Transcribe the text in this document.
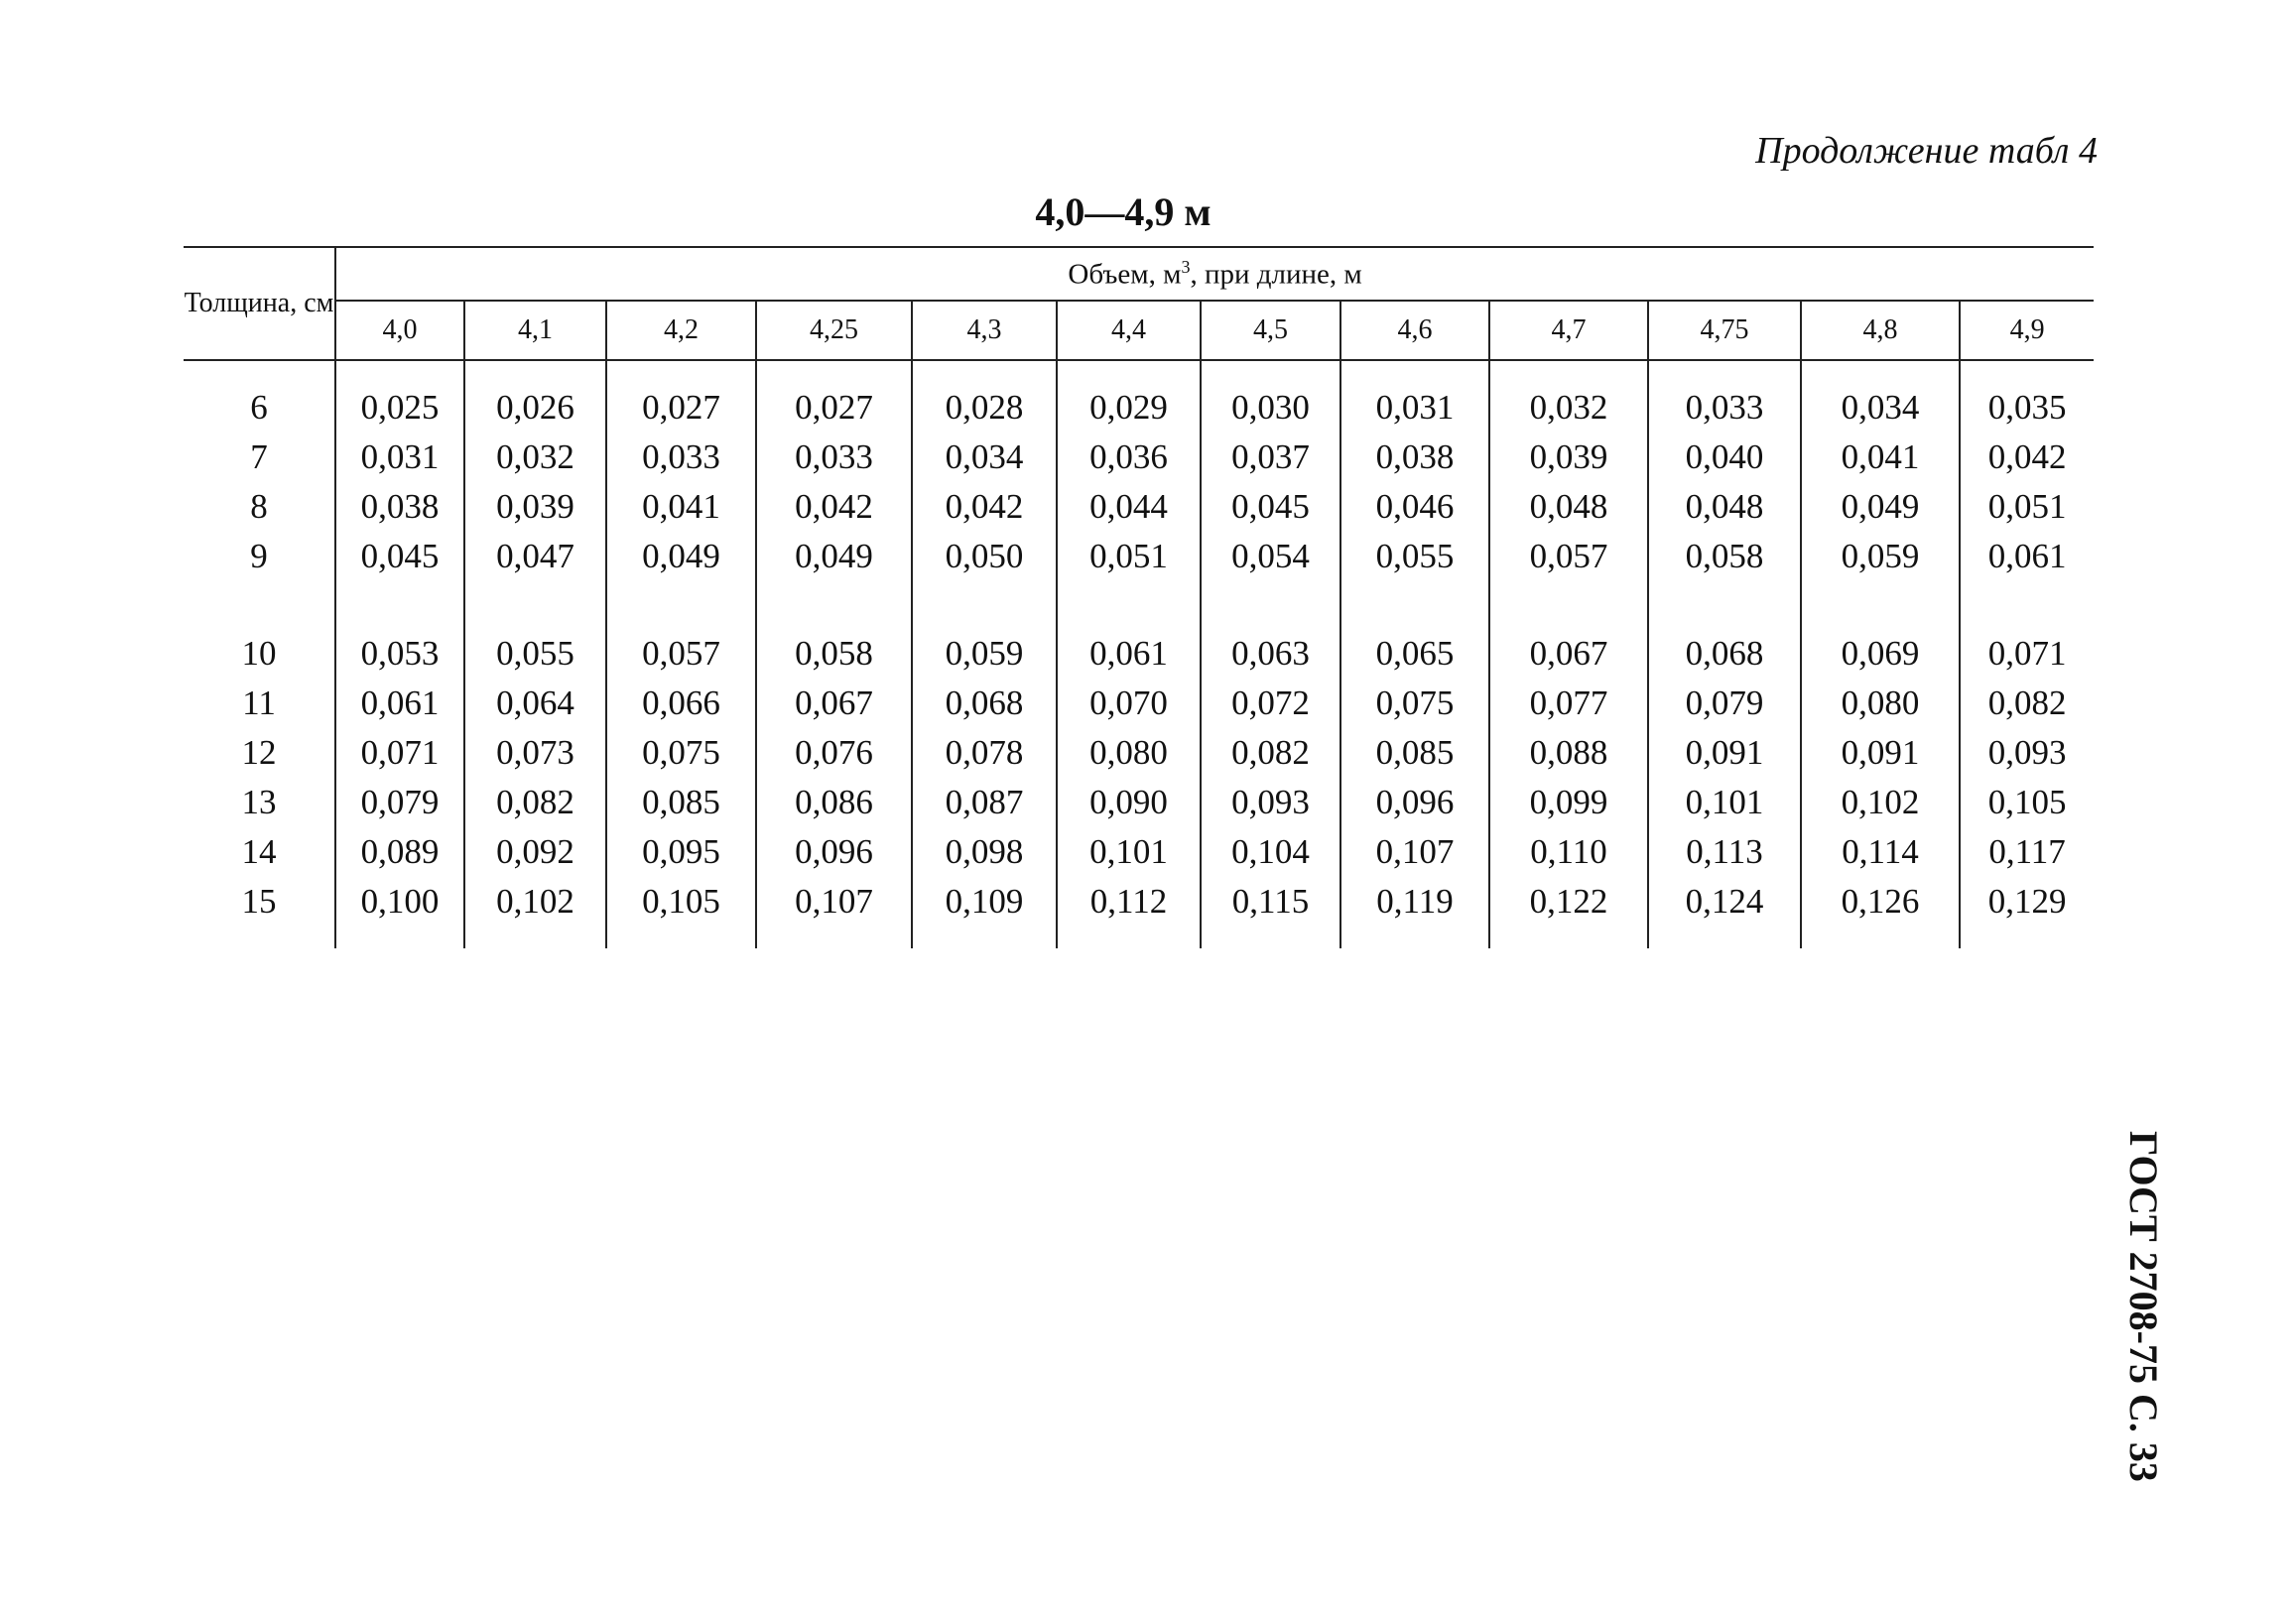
Продолжение табл 4
4,0—4,9 м
Толщина, см	Объем, $м^3$, при длине, м											
	4,0	4,1	4,2	4,25	4,3	4,4	4,5	4,6	4,7	4,75	4,8	4,9

6	0,025	0,026	0,027	0,027	0,028	0,029	0,030	0,031	0,032	0,033	0,034	0,035
7	0,031	0,032	0,033	0,033	0,034	0,036	0,037	0,038	0,039	0,040	0,041	0,042
8	0,038	0,039	0,041	0,042	0,042	0,044	0,045	0,046	0,048	0,048	0,049	0,051
9	0,045	0,047	0,049	0,049	0,050	0,051	0,054	0,055	0,057	0,058	0,059	0,061

10	0,053	0,055	0,057	0,058	0,059	0,061	0,063	0,065	0,067	0,068	0,069	0,071
11	0,061	0,064	0,066	0,067	0,068	0,070	0,072	0,075	0,077	0,079	0,080	0,082
12	0,071	0,073	0,075	0,076	0,078	0,080	0,082	0,085	0,088	0,091	0,091	0,093
13	0,079	0,082	0,085	0,086	0,087	0,090	0,093	0,096	0,099	0,101	0,102	0,105
14	0,089	0,092	0,095	0,096	0,098	0,101	0,104	0,107	0,110	0,113	0,114	0,117
15	0,100	0,102	0,105	0,107	0,109	0,112	0,115	0,119	0,122	0,124	0,126	0,129

ГОСТ 2708-75 С. 33
